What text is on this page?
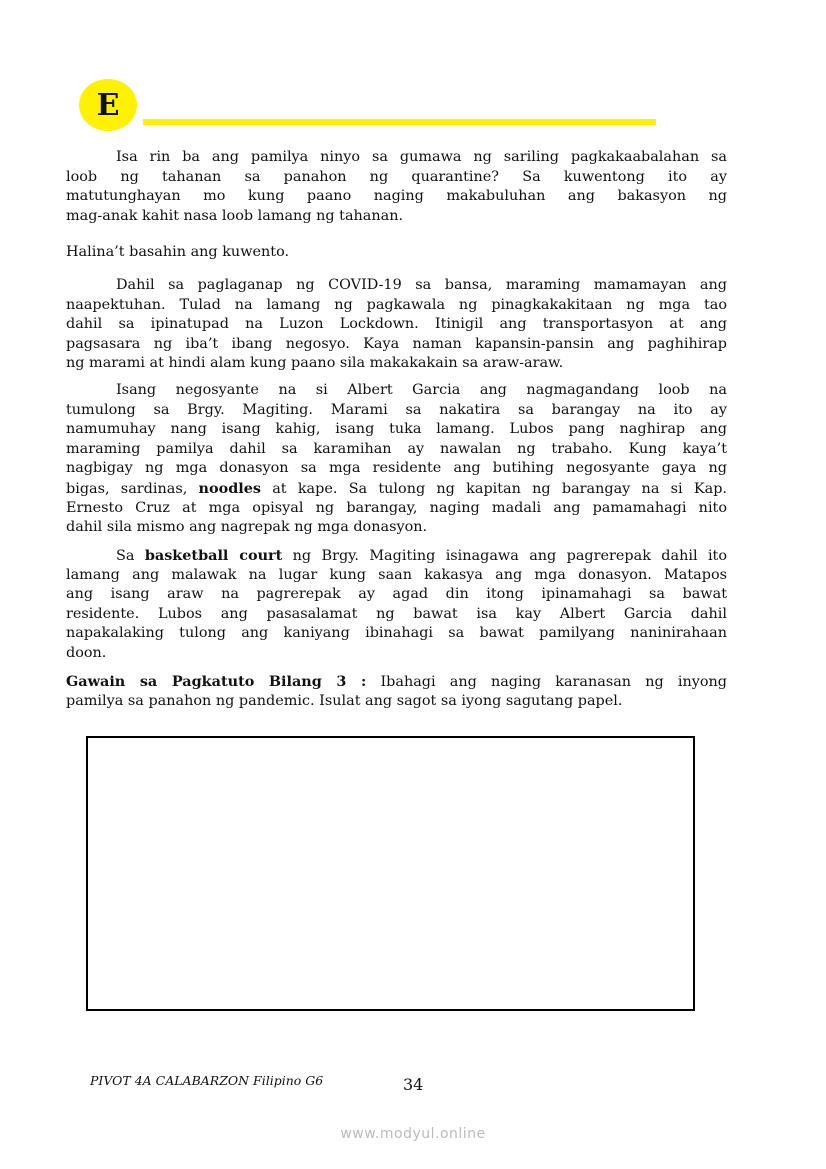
E
Isa rin ba ang pamilya ninyo sa gumawa ng sariling pagkakaabalahan sa
loob ng tahanan sa panahon ng quarantine? Sa kuwentong ito ay
matutunghayan mo kung paano naging makabuluhan ang bakasyon ng
mag-anak kahit nasa loob lamang ng tahanan.
Halina’t basahin ang kuwento.
Dahil sa paglaganap ng COVID-19 sa bansa, maraming mamamayan ang
naapektuhan. Tulad na lamang ng pagkawala ng pinagkakakitaan ng mga tao
dahil sa ipinatupad na Luzon Lockdown. Itinigil ang transportasyon at ang
pagsasara ng iba’t ibang negosyo. Kaya naman kapansin-pansin ang paghihirap
ng marami at hindi alam kung paano sila makakakain sa araw-araw.
Isang negosyante na si Albert Garcia ang nagmagandang loob na
tumulong sa Brgy. Magiting. Marami sa nakatira sa barangay na ito ay
namumuhay nang isang kahig, isang tuka lamang. Lubos pang naghirap ang
maraming pamilya dahil sa karamihan ay nawalan ng trabaho. Kung kaya’t
nagbigay ng mga donasyon sa mga residente ang butihing negosyante gaya ng
bigas, sardinas, noodles at kape. Sa tulong ng kapitan ng barangay na si Kap.
Ernesto Cruz at mga opisyal ng barangay, naging madali ang pamamahagi nito
dahil sila mismo ang nagrepak ng mga donasyon.
Sa basketball court ng Brgy. Magiting isinagawa ang pagrerepak dahil ito
lamang ang malawak na lugar kung saan kakasya ang mga donasyon. Matapos
ang isang araw na pagrerepak ay agad din itong ipinamahagi sa bawat
residente. Lubos ang pasasalamat ng bawat isa kay Albert Garcia dahil
napakalaking tulong ang kaniyang ibinahagi sa bawat pamilyang naninirahaan
doon.
Gawain sa Pagkatuto Bilang 3 : Ibahagi ang naging karanasan ng inyong
pamilya sa panahon ng pandemic. Isulat ang sagot sa iyong sagutang papel.
PIVOT 4A CALABARZON Filipino G6	34
www.modyul.online
